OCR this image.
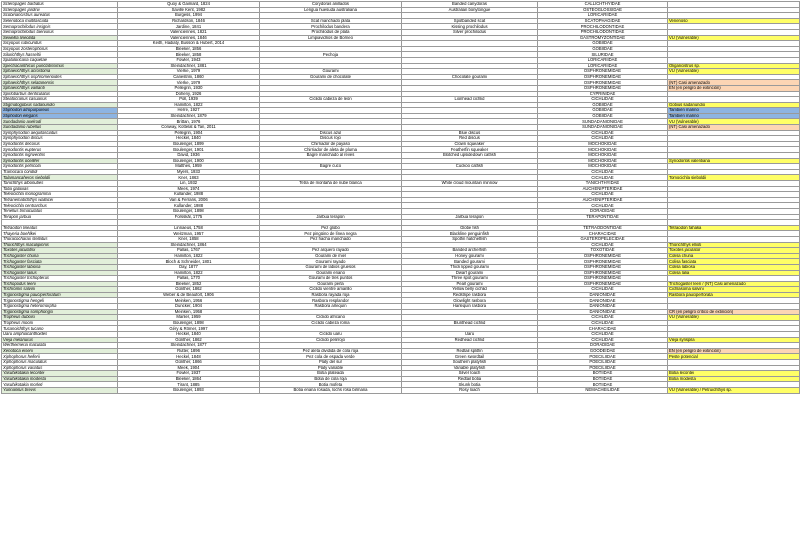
Scleropages barbatus	Quoy & Gaimard, 1824	Corydoras anillados	Banded canydoras	CALLICHTHYIDAE	
Scleropages jardinii	Saville Kent, 1982	Lengua huesuda australiana	Australian bonytongue	OSTEOGLOSSIDAE	
Scobinancistrus aureatus	Burgess, 1994			LORICARIIDAE	
Selenotoca multifasciata	Richardson, 1846	Scat manchado plata	Spotbanded scat	SCATOPHAGIDAE	Venenoso
Semaprochilodus insignis	Jardine, 1841	Prochilodus bandera	Kissing prochilodus	PROCHILODONTIDAE	
Semaprochilodus taeniurus	Valenciennes, 1821	Prochilodus de plata	Silver prochilodus	PROCHILODONTIDAE	
Sewellia lineolata	Valenciennes, 1846	Limpiavidrios de Borneo		GASTROMYZONTIDAE	VU (Vulnerable)
Sicyopus rubicundus	Keith, Hadiaty, Busson & Hubert, 2014			GOBIIDAE	
Sicyopus zosterophorus	Bleeker, 1856			GOBIIDAE	
Silurichthys hasseltii	Bleeker, 1858	Pechoja		SILURIDAE	
Spatuloricaria caquetae	Fowler, 1943			LORICARIIDAE	
Spectracanthicus punctatissimus	Steindachner, 1881			LORICARIIDAE	Oligancistrus sp.
Sphaerichthys acrostoma	Vierke, 1979	Gourami		OSPHRONEMIDAE	VU (Vulnerable)
Sphaerichthys osphromenoides	Canestrini, 1860	Gourami de chocolate	Chocolate gourami	OSPHRONEMIDAE	
Sphaerichthys selatanensis	Vierke, 1979			OSPHRONEMIDAE	(NT) Casi amenazado
Sphaerichthys vaillanti	Pellegrin, 1930			OSPHRONEMIDAE	EN (en peligro de extinción)
Spirlobarbus denticulatus	Doheny, 1926			CYPRINIDAE	
Steatocranus casuarius	Poll, 1939	Cíclido cabeza de león	Lionhead cichlid	CICHLIDAE	
Stigmatogobius sadanundio	Hamilton, 1822			GOBIIDAE	Gobius sadanundio
Stiphodon atropurpureus	Herre, 1927			GOBIIDAE	También marino
Stiphodon elegans	Steindachner, 1879			GOBIIDAE	También marino
Sundadanio axelrodi	Brittan, 1976			SUNDADANIONIDAE	VU (Vulnerable)
Sundadanio rubellus	Conway, Kottelat & Tan, 2011			SUNDADANIONIDAE	(NT) Casi amenazado
Symphysodon aequifasciatus	Pellegrin, 1904	Discus azul	Blue discus	CICHLIDAE	
Symphysodon discus	Heckel, 1840	Discus rojo	Red discus	CICHLIDAE	
Synodontis decorus	Boulenger, 1899	Chirriador de payaso	Clown squeaker	MOCHOKIDAE	
Synodontis eupterus	Boulenger, 1901	Chirriador de aleta de pluma	Featherfin squeaker	MOCHOKIDAE	
Synodontis nigriventris	David, 1936	Bagre manchado al revés	Blotched upsidedown catfish	MOCHOKIDAE	
Synodontis ocellifer	Boulenger, 1900			MOCHOKIDAE	Synodontis valentiana
Synodontis petricola	Matthes, 1959	Bagre cuco	Cuckoo catfish	MOCHOKIDAE	
Tramocara condidi	Myers, 1933			CICHLIDAE	
Talamancaheros sieboldii	Kner, 1863			CICHLIDAE	Tomocichla sieboldii
Tanichthys albonubes	Lin, 1932	Tetra de montaña de nube blanca	White cloud mountain minnow	TANICHTHYIDAE	
Tatia galaxias	Mees, 1974			AUCHENIPTERIDAE	
Teleocichla monogramma	Kullander, 1988			CICHLIDAE	
Tetranematichthys wallacei	Vari & Ferraris, 2006			AUCHENIPTERIDAE	
Teleocichla centrarchus	Kullander, 1988			CICHLIDAE	
Tenellus trimaculatus	Boulenger, 1898			DORADIDAE	
Terapon jarbua	Forsskål, 1775	Jarbua terapón	Jarbua terapon	TERAPONTIDAE	

Tetraodon lineatus	Linnaeus, 1758	Pez globo	Globe fish	TETRAODONTIDAE	Tetraodon fahaka
Thayeria boehlkei	Weitzman, 1957	Pez pingüino de línea negra	Blackline penguinfish	CHARACIDAE	
Thoracocharax stellatus	Kner, 1858	Pez hacha manchado	Spotfin hatchetfish	GASTEROPELECIDAE	
Thorichthys maculipinnis	Steindachner, 1864			CICHLIDAE	Thorichthys ellioti
Toxotes jaculatrix	Pallas, 1767	Pez arquero rayado	Banded archerfish	TOXOTIDAE	Toxotes jaculator
Trichogaster chuna	Hamilton, 1822	Gourami de miel	Honey gourami	OSPHRONEMIDAE	Colisa chuna
Trichogaster fasciata	Bloch & Schneider, 1801	Gourami rayado	Banded gourami	OSPHRONEMIDAE	Colisa fasciata
Trichogaster labiosa	Day, 1877	Gourami de labios gruesos	Thick lipped gourami	OSPHRONEMIDAE	Colisa labiosa
Trichogaster lalius	Hamilton, 1822	Gourami enano	Dwarf gourami	OSPHRONEMIDAE	Colisa lalia
Trichogaster trichopterus	Pallas, 1770	Gourami de tres puntos	Three spot gourami	OSPHRONEMIDAE	
Trichopodus leerii	Bleeker, 1852	Gourami perla	Pearl gourami	OSPHRONEMIDAE	Trichogaster leeri / (NT) Casi amenazado
Trichromis salvini	Günther, 1862	Cíclido vientre amarillo	Yellow belly cichlid	CICHLIDAE	Cichlasoma salvini
Trigonostigma pauciperforatum	Weber & de Beaufort, 1906	Rasbora rayada roja	Redstripe rasbora	DANIONIDAE	Rasbora pauciperforata
Trigonostigma hengeli	Meinken, 1956	Rasbora resplandor	Glowlight rasbora	DANIONIDAE	
Trigonostigma heteromorpha	Duncker, 1904	Rasbora arlequín	Harlequin rasbora	DANIONIDAE	
Trigonostigma somphongsi	Meinken, 1958			DANIONIDAE	CR (en peligro crítico de extinción)
Tropheus duboisi	Marlier, 1959	Cíclido africano		CICHLIDAE	VU (Vulnerable)
Tropheus moorii	Boulenger, 1898	Cíclido cabeza roma	Blunthead cichlid	CICHLIDAE	
Tucanoichthys tucano	Géry & Römer, 1997			CHARACIDAE	
Uaru amphiacanthoides	Heckel, 1840	Cíclido uaru	Uaru	CICHLIDAE	
Vieja melanurus	Günther, 1862	Cíclido pelirrojo	Redhead cichlid	CICHLIDAE	Vieja synspila
Wertheimeria maculata	Steindachner, 1877			DORADIDAE	
Xenotoca eiseni	Rutter, 1896	Pez aleta dividida de cola roja	Redtail splitfin	GOODEIDAE	EN (en peligro de extinción)
Xiphophorus hellerii	Heckel, 1848	Pez cola de espada verde	Green swordtail	POECILIIDAE	Peste potencial
Xiphophorus maculatus	Günther, 1866	Platy del sur	Southern platyfish	POECILIIDAE	
Xiphophorus variatus	Meek, 1904	Platy variable	Variable platyfish	POECILIIDAE	
Yasuhikotakia lecontei	Fowler, 1937	Botia plateada	Silver loach	BOTIIDAE	Botia lecontei
Yasuhikotakia modesta	Bleeker, 1864	Botia de cola roja	Redtail botia	BOTIIDAE	Botia modesta
Yasuhikotakia morleti	Tirant, 1885	Botia mofeta	Skunk botia	BOTIIDAE	
Yunnanilus brevis	Boulenger, 1893	Botia enana rosada, lochs rosa birmana	Rosy loach	NEMACHEILIDAE	VU (Vulnerable) / Petruichthys sp.
